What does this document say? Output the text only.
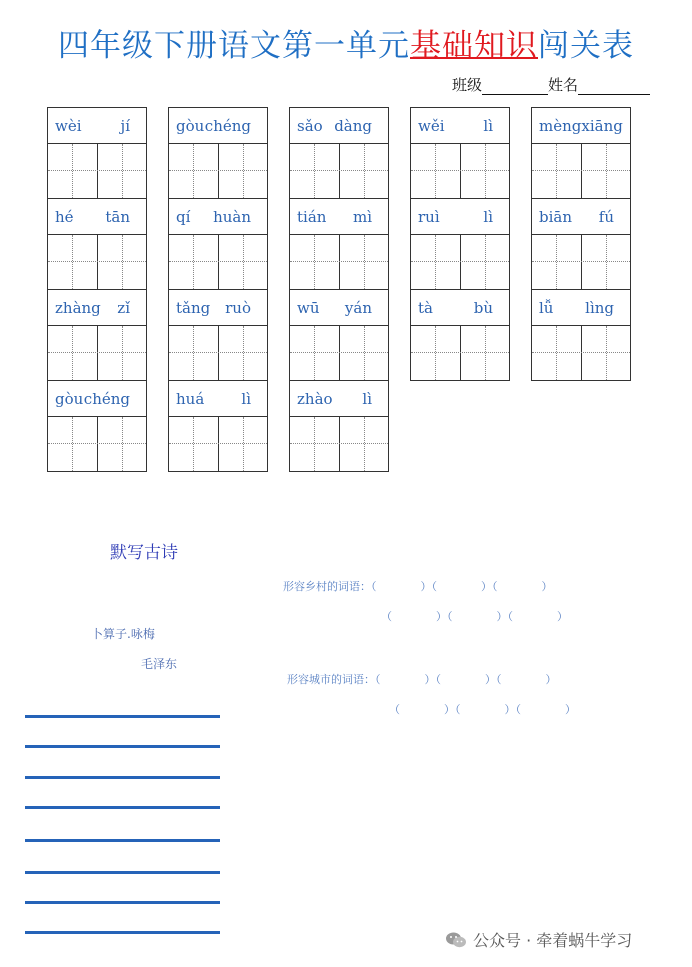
四年级下册语文第一单元基础知识闯关表
班级	姓名
wèi	jí
hé tān
zhàng zǐ
gòu chéng
gòu chéng
qí huàn
tǎng ruò
huá lì
sǎo dàng
tián mì
wū yán
zhào lì
wěi	lì
ruì	lì
tà	bù
mèng xiāng
biān fú
lǚ lìng
默写古诗
卜算子.咏梅
毛泽东
形容乡村的词语：（　　　　）（　　　　）（　　　　）
（　　　　）（　　　　）（　　　　）
形容城市的词语：（　　　　）（　　　　）（　　　　）
（　　　　）（　　　　）（　　　　）
公众号 · 牵着蜗牛学习
